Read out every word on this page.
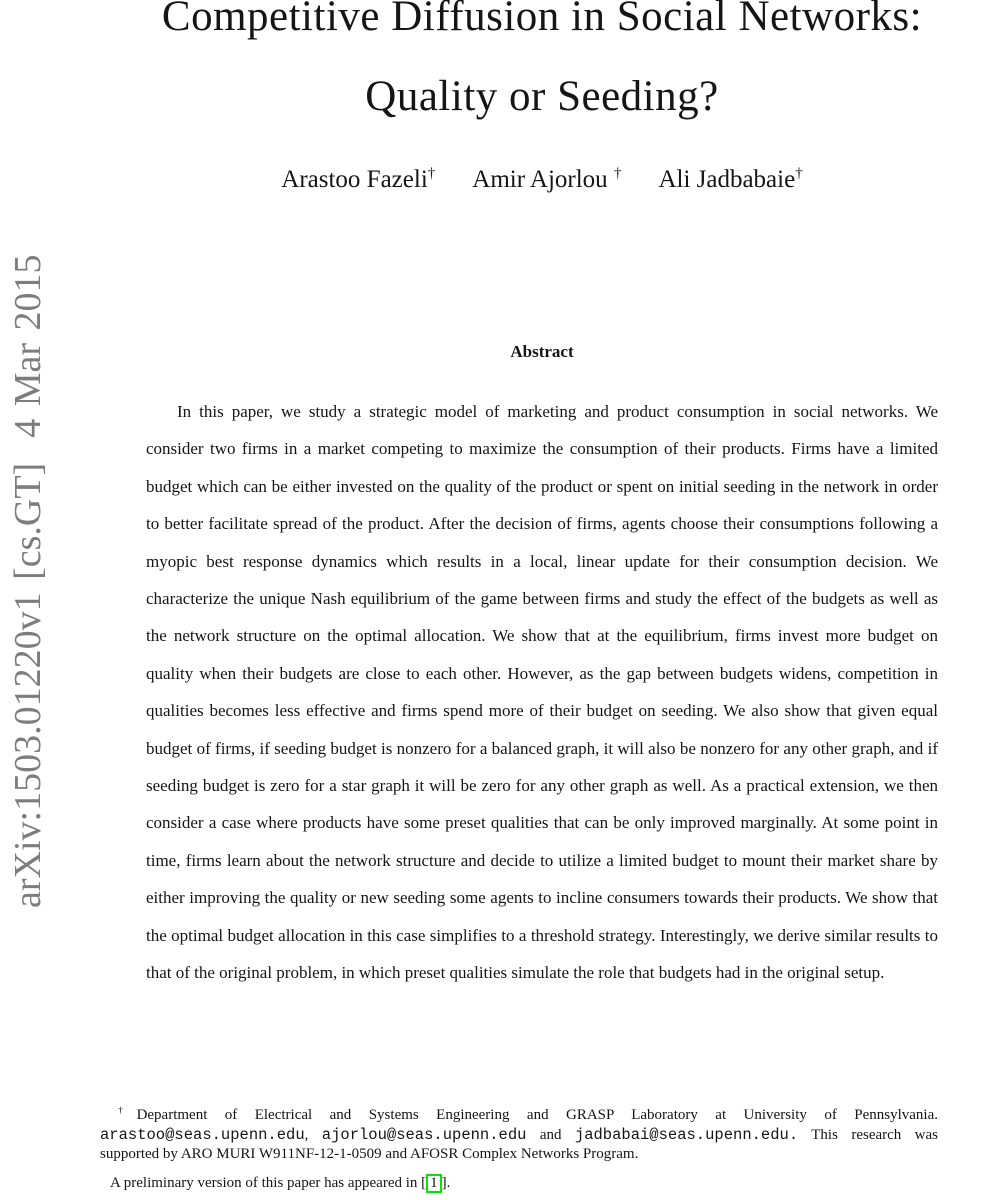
arXiv:1503.01220v1 [cs.GT]  4 Mar 2015
Competitive Diffusion in Social Networks:
Quality or Seeding?
Arastoo Fazeli† Amir Ajorlou † Ali Jadbabaie†
Abstract

In this paper, we study a strategic model of marketing and product consumption in social networks. We consider two firms in a market competing to maximize the consumption of their products. Firms have a limited budget which can be either invested on the quality of the product or spent on initial seeding in the network in order to better facilitate spread of the product. After the decision of firms, agents choose their consumptions following a myopic best response dynamics which results in a local, linear update for their consumption decision. We characterize the unique Nash equilibrium of the game between firms and study the effect of the budgets as well as the network structure on the optimal allocation. We show that at the equilibrium, firms invest more budget on quality when their budgets are close to each other. However, as the gap between budgets widens, competition in qualities becomes less effective and firms spend more of their budget on seeding. We also show that given equal budget of firms, if seeding budget is nonzero for a balanced graph, it will also be nonzero for any other graph, and if seeding budget is zero for a star graph it will be zero for any other graph as well. As a practical extension, we then consider a case where products have some preset qualities that can be only improved marginally. At some point in time, firms learn about the network structure and decide to utilize a limited budget to mount their market share by either improving the quality or new seeding some agents to incline consumers towards their products. We show that the optimal budget allocation in this case simplifies to a threshold strategy. Interestingly, we derive similar results to that of the original problem, in which preset qualities simulate the role that budgets had in the original setup.

†Department of Electrical and Systems Engineering and GRASP Laboratory at University of Pennsylvania. arastoo@seas.upenn.edu, ajorlou@seas.upenn.edu and jadbabai@seas.upenn.edu. This research was supported by ARO MURI W911NF-12-1-0509 and AFOSR Complex Networks Program.

A preliminary version of this paper has appeared in [ 1 ].
